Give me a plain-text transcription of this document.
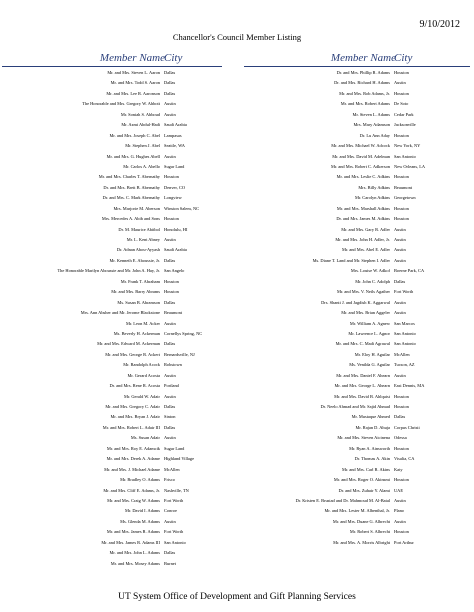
9/10/2012
Chancellor's Council Member Listing
Member Name City
Mr. and Mrs. Steven L. Aaron Dallas
Mr. and Mrs. Todd S. Aaron Dallas
Mr. and Mrs. Lee R. Aaronson Dallas
The Honorable and Mrs. Gregory W. Abbott Austin
Mr. Soniah S. Abboud Austin
Mr. Azmi Abdul-Hadi Saudi Arabia
Mr. and Mrs. Joseph C. Abel Lampasas
Mr. Stephen J. Abel Seattle, WA
Mr. and Mrs. G. Hughes Abell Austin
Mr. Carlos A. Abello Sugar Land
Mr. and Mrs. Charles T. Abernathy Houston
Dr. and Mrs. Brett B. Abernathy Denver, CO
Dr. and Mrs. C. Mark Abernathy Longview
Mrs. Marjorie M. Aberson Winston Salem, NC
Mrs. Mercedes A. Abib and Sons Houston
Dr. M. Maurice Abitbol Honolulu, HI
Mr. L. Kent Abney Austin
Dr. Adnan Abou-Ayyash Saudi Arabia
Mr. Kenneth E. Aboussie, Jr. Dallas
The Honorable Marilyn Aboussie and Mr. John A. Hay, Jr. San Angelo
Mr. Frank T. Abraham Houston
Mr. and Mrs. Barry Abrams Houston
Ms. Susan B. Abramson Dallas
Mrs. Ann Absher and Mr. Jerome Blackstone Beaumont
Mr. Leon M. Acker Austin
Ms. Beverly H. Ackerman Cornellys Spring, NC
Mr. and Mrs. Edward M. Ackerman Dallas
Mr. and Mrs. George R. Ackert Bernardsville, NJ
Mr. Randolph Acock Robstown
Mr. Gerard Acosta Austin
Dr. and Mrs. Rene R. Acosta Portland
Mr. Gerald W. Adair Austin
Mr. and Mrs. Gregory C. Adair Dallas
Mr. and Mrs. Bryan J. Adair Sinton
Mr. and Mrs. Robert L. Adair III Dallas
Ms. Susan Adair Austin
Mr. and Mrs. Roy E. Adamcik Sugar Land
Mr. and Mrs. Derek A. Adame Highland Village
Mr. and Mrs. J. Michael Adame McAllen
Mr. Bradley O. Adams Frisco
Mr. and Mrs. Cliff E. Adams, Jr. Nashville, TN
Mr. and Mrs. Craig W. Adams Fort Worth
Mr. David I. Adams Conroe
Ms. Glenda M. Adams Austin
Mr. and Mrs. James R. Adams Fort Worth
Mr. and Mrs. James R. Adams III San Antonio
Mr. and Mrs. John L. Adams Dallas
Mr. and Mrs. Mosey Adams Burnet
Member Name
City
Dr. and Mrs. Phillip R. Adams Houston
Dr. and Mrs. Richard H. Adams Austin
Mr. and Mrs. Rob Adams, Jr. Houston
Mr. and Mrs. Robert Adams De Soto
Mr. Steven L. Adams Cedar Park
Mrs. Mary Adamson Jacksonville
Dr. Lu Ann Aday Houston
Mr. and Mrs. Michael W. Adcock New York, NY
Mr. and Mrs. David M. Adelman San Antonio
Mr. and Mrs. Robert C. Adkerson New Orleans, LA
Mr. and Mrs. Leslie C. Adkins Houston
Mrs. Billy Adkins Beaumont
Mr. Carolyn Adkins Georgetown
Mr. and Mrs. Marshall Adkins Houston
Dr. and Mrs. James M. Adkins Houston
Mr. and Mrs. Gary R. Adler Austin
Mr. and Mrs. John H. Adler, Jr. Austin
Mr. and Mrs. Abel E. Adler Austin
Ms. Diane T. Land and Mr. Stephen I. Adler Austin
Mrs. Louise W. Adkof Boerne Park, CA
Mr. John C. Adolph Dallas
Mr. and Mrs. V. Neils Agather Fort Worth
Drs. Shanti J. and Jagdish K. Aggarwal Austin
Mr. and Mrs. Brian Aggeler Austin
Mr. William A. Agnew San Marcos
Mr. Lawrence L. Agnor San Antonio
Mr. and Mrs. C. Madi Agrawal San Antonio
Mr. Eloy H. Aguilar McAllen
Ms. Venilda G. Aguilar Tucson, AZ
Mr. and Mrs. Daniel F. Ahearn Austin
Mr. and Mrs. George L. Ahearn East Dennis, MA
Mr. and Mrs. David B. Ahlquist Houston
Dr. Neelo Ahmad and Mr. Sajid Ahmad Houston
Mr. Mustaque Ahmed Dallas
Mr. Rajan D. Ahuja Corpus Christi
Mr. and Mrs. Steven Aicinena Odessa
Mr. Ryan A. Ainsworth Houston
Dr. Thomas A. Akin Visalia, CA
Mr. and Mrs. Carl R. Akins Katy
Mr. and Mrs. Roger O. Akinsmi Houston
Dr. and Mrs. Zuhair Y. Alami UAE
Dr. Kristen E. Brustad and Dr. Mahmoud M. Al-Batal Austin
Mr. and Mrs. Lester M. Albenthal, Jr. Plano
Mr. and Mrs. Duane G. Albrecht Austin
Mr. Robert S. Albrecht Houston
Mr. and Mrs. A. Morris Albright Port Arthur
UT System Office of Development and Gift Planning Services
